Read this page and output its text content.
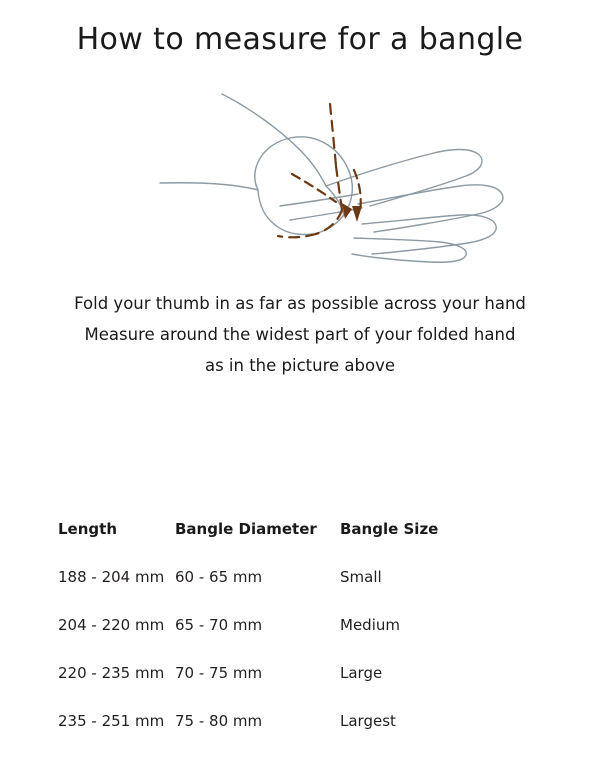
How to measure for a bangle
Fold your thumb in as far as possible across your hand
Measure around the widest part of your folded hand
as in the picture above
Length	Bangle Diameter	Bangle Size
188 - 204 mm 60 - 65 mm	Small
204 - 220 mm 65 - 70 mm	Medium
220 - 235 mm 70 - 75 mm	Large
235 - 251 mm 75 - 80 mm	Largest
